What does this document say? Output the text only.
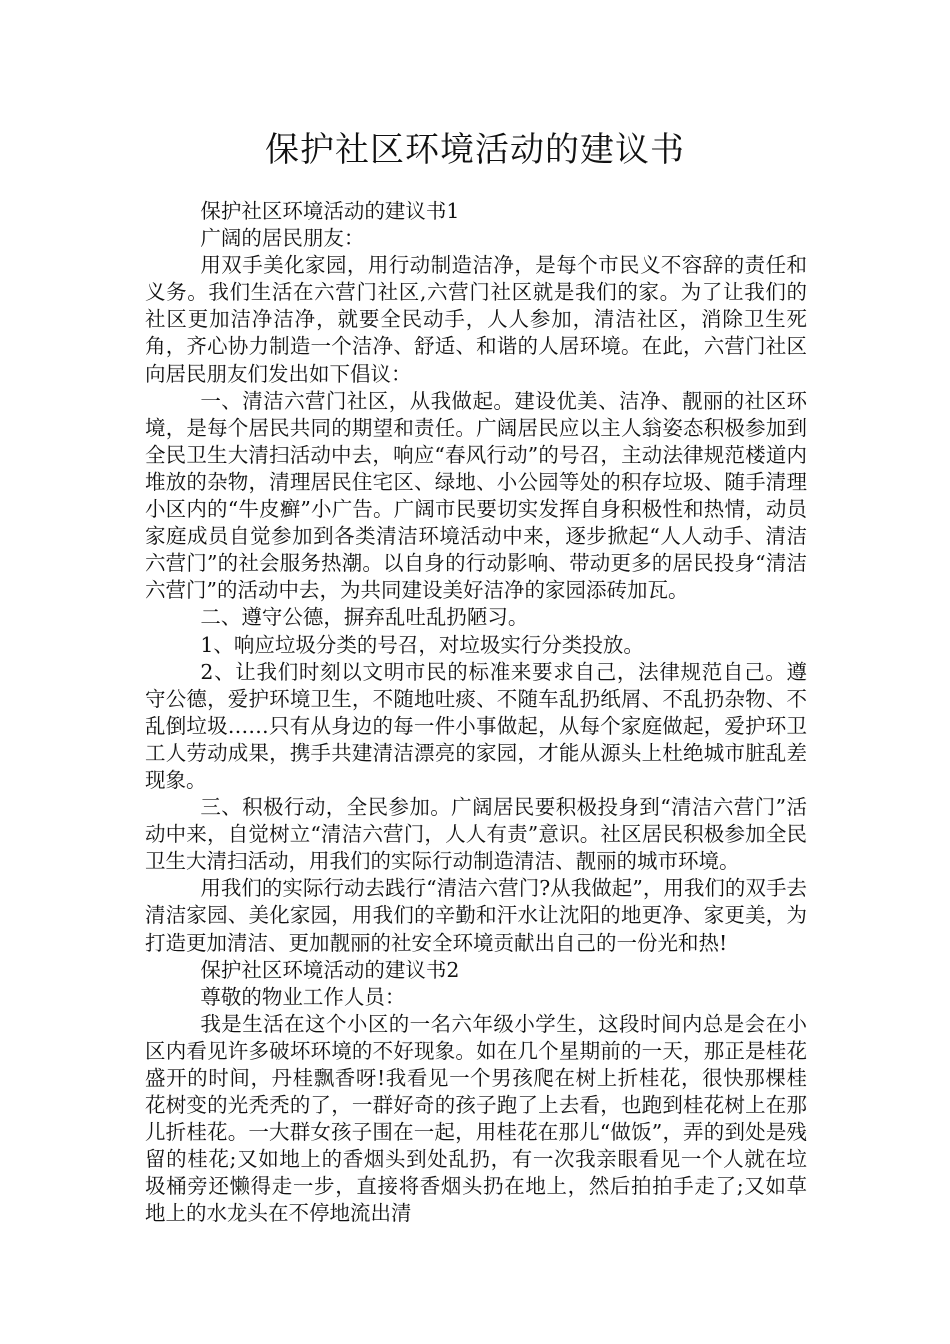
保护社区环境活动的建议书

保护社区环境活动的建议书1

广阔的居民朋友：

用双手美化家园，用行动制造洁净，是每个市民义不容辞的责任和义务。我们生活在六营门社区,六营门社区就是我们的家。为了让我们的社区更加洁净洁净，就要全民动手，人人参加，清洁社区，消除卫生死角，齐心协力制造一个洁净、舒适、和谐的人居环境。在此，六营门社区向居民朋友们发出如下倡议：

一、清洁六营门社区，从我做起。建设优美、洁净、靓丽的社区环境，是每个居民共同的期望和责任。广阔居民应以主人翁姿态积极参加到全民卫生大清扫活动中去，响应“春风行动”的号召，主动法律规范楼道内堆放的杂物，清理居民住宅区、绿地、小公园等处的积存垃圾、随手清理小区内的“牛皮癣”小广告。广阔市民要切实发挥自身积极性和热情，动员家庭成员自觉参加到各类清洁环境活动中来，逐步掀起“人人动手、清洁六营门”的社会服务热潮。以自身的行动影响、带动更多的居民投身“清洁六营门”的活动中去，为共同建设美好洁净的家园添砖加瓦。

二、遵守公德，摒弃乱吐乱扔陋习。

1、响应垃圾分类的号召，对垃圾实行分类投放。

2、让我们时刻以文明市民的标准来要求自己，法律规范自己。遵守公德，爱护环境卫生，不随地吐痰、不随车乱扔纸屑、不乱扔杂物、不乱倒垃圾……只有从身边的每一件小事做起，从每个家庭做起，爱护环卫工人劳动成果，携手共建清洁漂亮的家园，才能从源头上杜绝城市脏乱差现象。

三、积极行动，全民参加。广阔居民要积极投身到“清洁六营门”活动中来，自觉树立“清洁六营门，人人有责”意识。社区居民积极参加全民卫生大清扫活动，用我们的实际行动制造清洁、靓丽的城市环境。

用我们的实际行动去践行“清洁六营门?从我做起”，用我们的双手去清洁家园、美化家园，用我们的辛勤和汗水让沈阳的地更净、家更美，为打造更加清洁、更加靓丽的社安全环境贡献出自己的一份光和热!

保护社区环境活动的建议书2

尊敬的物业工作人员：

我是生活在这个小区的一名六年级小学生，这段时间内总是会在小区内看见许多破坏环境的不好现象。如在几个星期前的一天，那正是桂花盛开的时间，丹桂飘香呀!我看见一个男孩爬在树上折桂花，很快那棵桂花树变的光秃秃的了，一群好奇的孩子跑了上去看，也跑到桂花树上在那儿折桂花。一大群女孩子围在一起，用桂花在那儿“做饭”，弄的到处是残留的桂花;又如地上的香烟头到处乱扔，有一次我亲眼看见一个人就在垃圾桶旁还懒得走一步，直接将香烟头扔在地上，然后拍拍手走了;又如草地上的水龙头在不停地流出清
